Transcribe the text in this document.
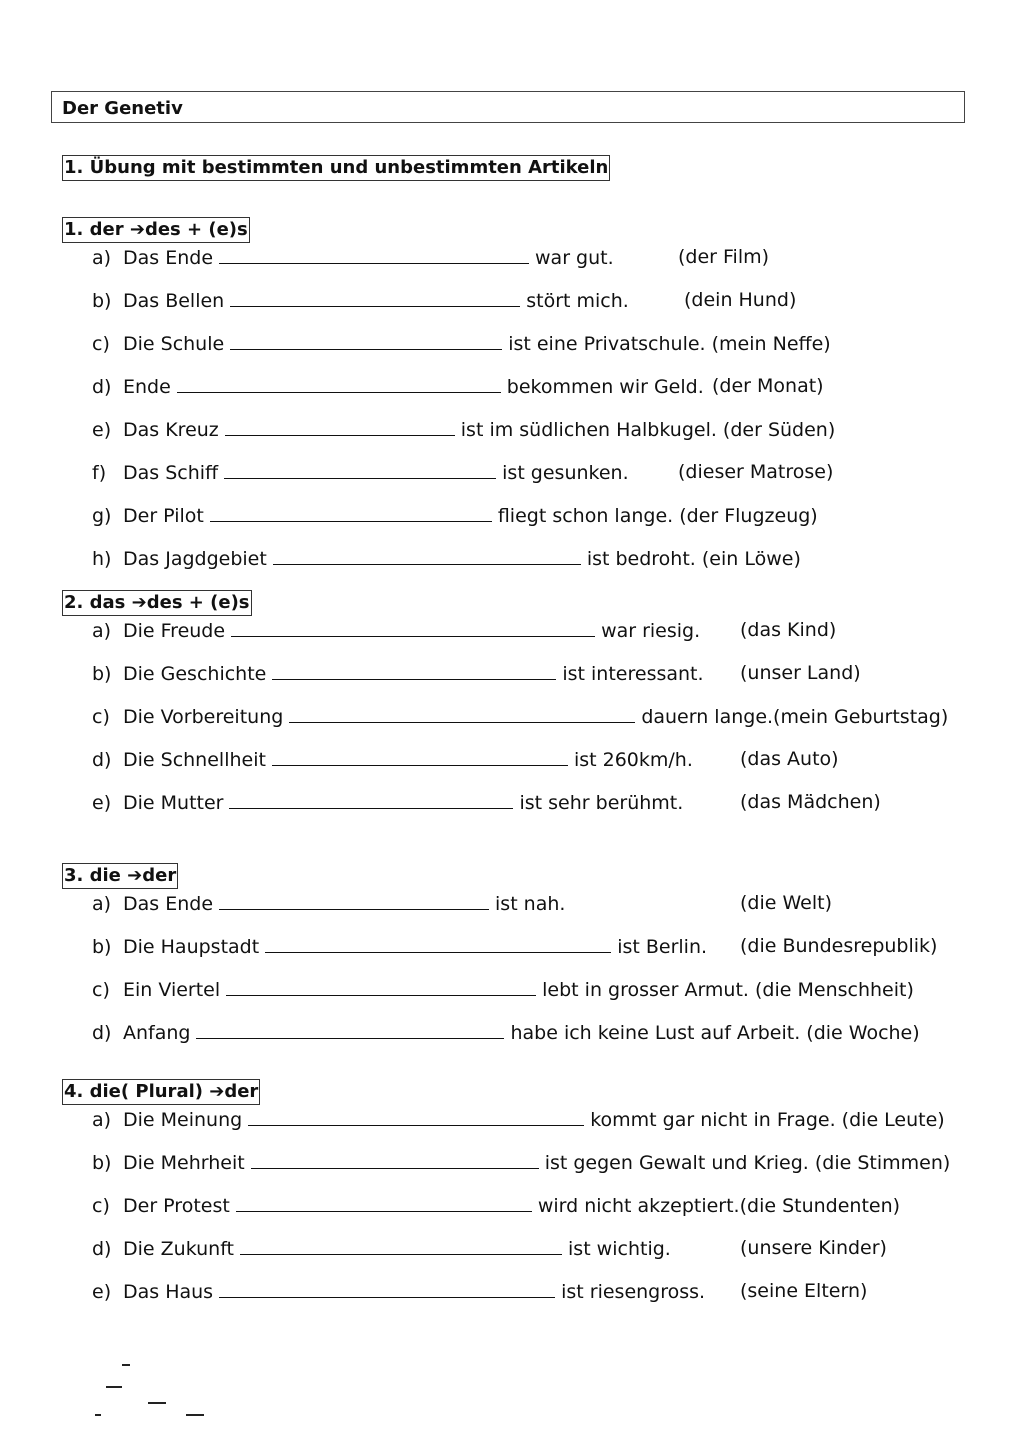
Der Genetiv
1. Übung mit bestimmten und unbestimmten Artikeln
1. der ➔des + (e)s
a) Das Ende	war gut.	(der Film)
b) Das Bellen	stört mich.	(dein Hund)
c) Die Schule	ist eine Privatschule. (mein Neffe)
d) Ende	bekommen wir Geld. (der Monat)
e) Das Kreuz	ist im südlichen Halbkugel. (der Süden)
f) Das Schiff	ist gesunken.	(dieser Matrose)
g) Der Pilot	fliegt schon lange. (der Flugzeug)
h) Das Jagdgebiet	ist bedroht. (ein Löwe)
2. das ➔des + (e)s
a) Die Freude	war riesig. (das Kind)
b) Die Geschichte	ist interessant. (unser Land)
c) Die Vorbereitung	dauern lange.(mein Geburtstag)
d) Die Schnellheit	ist 260km/h. (das Auto)
e) Die Mutter	ist sehr berühmt.	(das Mädchen)
3. die ➔der
a) Das Ende	ist nah.	(die Welt)
b) Die Haupstadt	ist Berlin. (die Bundesrepublik)
c) Ein Viertel	lebt in grosser Armut. (die Menschheit)
d) Anfang	habe ich keine Lust auf Arbeit. (die Woche)
4. die( Plural) ➔der
a) Die Meinung	kommt gar nicht in Frage. (die Leute)
b) Die Mehrheit	ist gegen Gewalt und Krieg. (die Stimmen)
c) Der Protest	wird nicht akzeptiert.(die Stundenten)
d) Die Zukunft	ist wichtig.	(unsere Kinder)
e) Das Haus	ist riesengross. (seine Eltern)
